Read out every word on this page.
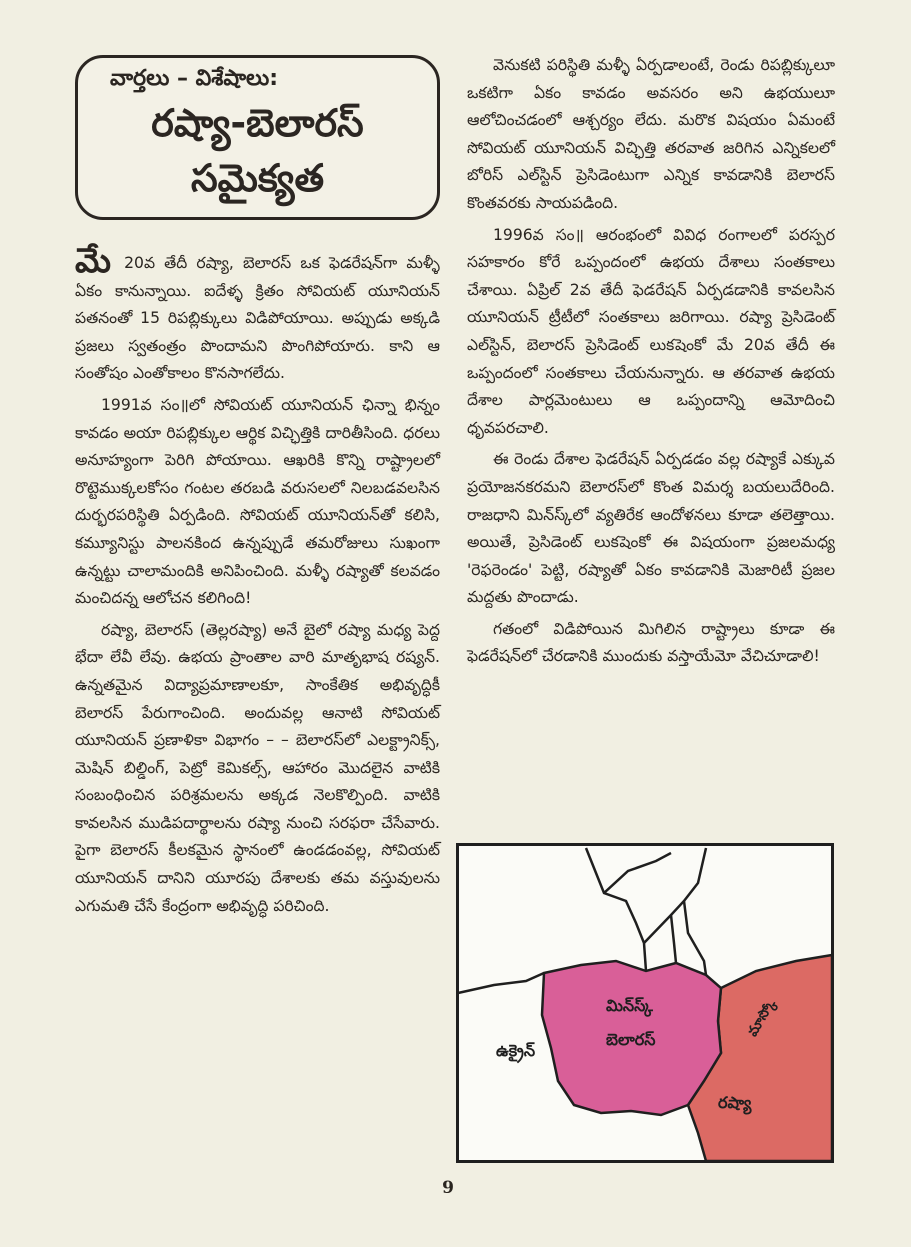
వార్తలు – విశేషాలు:
రష్యా-బెలారస్
సమైక్యత

మే 20వ తేదీ రష్యా, బెలారస్ ఒక ఫెడరేషన్‌గా మళ్ళీ ఏకం కానున్నాయి. ఐదేళ్ళ క్రితం సోవియట్ యూనియన్ పతనంతో 15 రిపబ్లిక్కులు విడిపోయాయి. అప్పుడు అక్కడి ప్రజలు స్వతంత్రం పొందామని పొంగిపోయారు. కాని ఆ సంతోషం ఎంతోకాలం కొనసాగలేదు.

1991వ సం॥లో సోవియట్ యూనియన్ ఛిన్నా భిన్నం కావడం అయా రిపబ్లిక్కుల ఆర్థిక విచ్ఛిత్తికి దారితీసింది. ధరలు అనూహ్యంగా పెరిగి పోయాయి. ఆఖరికి కొన్ని రాష్ట్రాలలో రొట్టెముక్కలకోసం గంటల తరబడి వరుసలలో నిలబడవలసిన దుర్భరపరిస్థితి ఏర్పడింది. సోవియట్ యూనియన్‌తో కలిసి, కమ్యూనిస్టు పాలనకింద ఉన్నప్పుడే తమరోజులు సుఖంగా ఉన్నట్టు చాలామందికి అనిపించింది. మళ్ళీ రష్యాతో కలవడం మంచిదన్న ఆలోచన కలిగింది!

రష్యా, బెలారస్ (తెల్లరష్యా) అనే బైలో రష్యా మధ్య పెద్ద భేదా లేవీ లేవు. ఉభయ ప్రాంతాల వారి మాతృభాష రష్యన్. ఉన్నతమైన విద్యాప్రమాణాలకూ, సాంకేతిక అభివృద్ధికీ బెలారస్ పేరుగాంచింది. అందువల్ల ఆనాటి సోవియట్ యూనియన్ ప్రణాళికా విభాగం – – బెలారస్‌లో ఎలక్ట్రానిక్స్, మెషిన్ బిల్డింగ్, పెట్రో కెమికల్స్, ఆహారం మొదలైన వాటికి సంబంధించిన పరిశ్రమలను అక్కడ నెలకొల్పింది. వాటికి కావలసిన ముడిపదార్థాలను రష్యా నుంచి సరఫరా చేసేవారు. పైగా బెలారస్ కీలకమైన స్థానంలో ఉండడంవల్ల, సోవియట్ యూనియన్ దానిని యూరపు దేశాలకు తమ వస్తువులను ఎగుమతి చేసే కేంద్రంగా అభివృద్ధి పరిచింది.

వెనుకటి పరిస్థితి మళ్ళీ ఏర్పడాలంటే, రెండు రిపబ్లిక్కులూ ఒకటిగా ఏకం కావడం అవసరం అని ఉభయులూ ఆలోచించడంలో ఆశ్చర్యం లేదు. మరొక విషయం ఏమంటే సోవియట్ యూనియన్ విచ్ఛిత్తి తరవాత జరిగిన ఎన్నికలలో బోరిస్ ఎల్‌స్టిన్ ప్రెసిడెంటుగా ఎన్నిక కావడానికి బెలారస్ కొంతవరకు సాయపడింది.

1996వ సం॥ ఆరంభంలో వివిధ రంగాలలో పరస్పర సహకారం కోరే ఒప్పందంలో ఉభయ దేశాలు సంతకాలు చేశాయి. ఏప్రిల్ 2వ తేదీ ఫెడరేషన్ ఏర్పడడానికి కావలసిన యూనియన్ ట్రీటీలో సంతకాలు జరిగాయి. రష్యా ప్రెసిడెంట్ ఎల్‌స్టిన్, బెలారస్ ప్రెసిడెంట్ లుకషెంకో మే 20వ తేదీ ఈ ఒప్పందంలో సంతకాలు చేయనున్నారు. ఆ తరవాత ఉభయ దేశాల పార్లమెంటులు ఆ ఒప్పందాన్ని ఆమోదించి ధృవపరచాలి.

ఈ రెండు దేశాల ఫెడరేషన్ ఏర్పడడం వల్ల రష్యాకే ఎక్కువ ప్రయోజనకరమని బెలారస్‌లో కొంత విమర్శ బయలుదేరింది. రాజధాని మిన్‌స్క్‌లో వ్యతిరేక ఆందోళనలు కూడా తలెత్తాయి. అయితే, ప్రెసిడెంట్ లుకషెంకో ఈ విషయంగా ప్రజలమధ్య 'రెఫరెండం' పెట్టి, రష్యాతో ఏకం కావడానికి మెజారిటీ ప్రజల మద్దతు పొందాడు.

గతంలో విడిపోయిన మిగిలిన రాష్ట్రాలు కూడా ఈ ఫెడరేషన్‌లో చేరడానికి ముందుకు వస్తాయేమో వేచిచూడాలి!

మిన్‌స్క్
బెలారస్
మాస్కో
రష్యా
ఉక్రైన్
9
